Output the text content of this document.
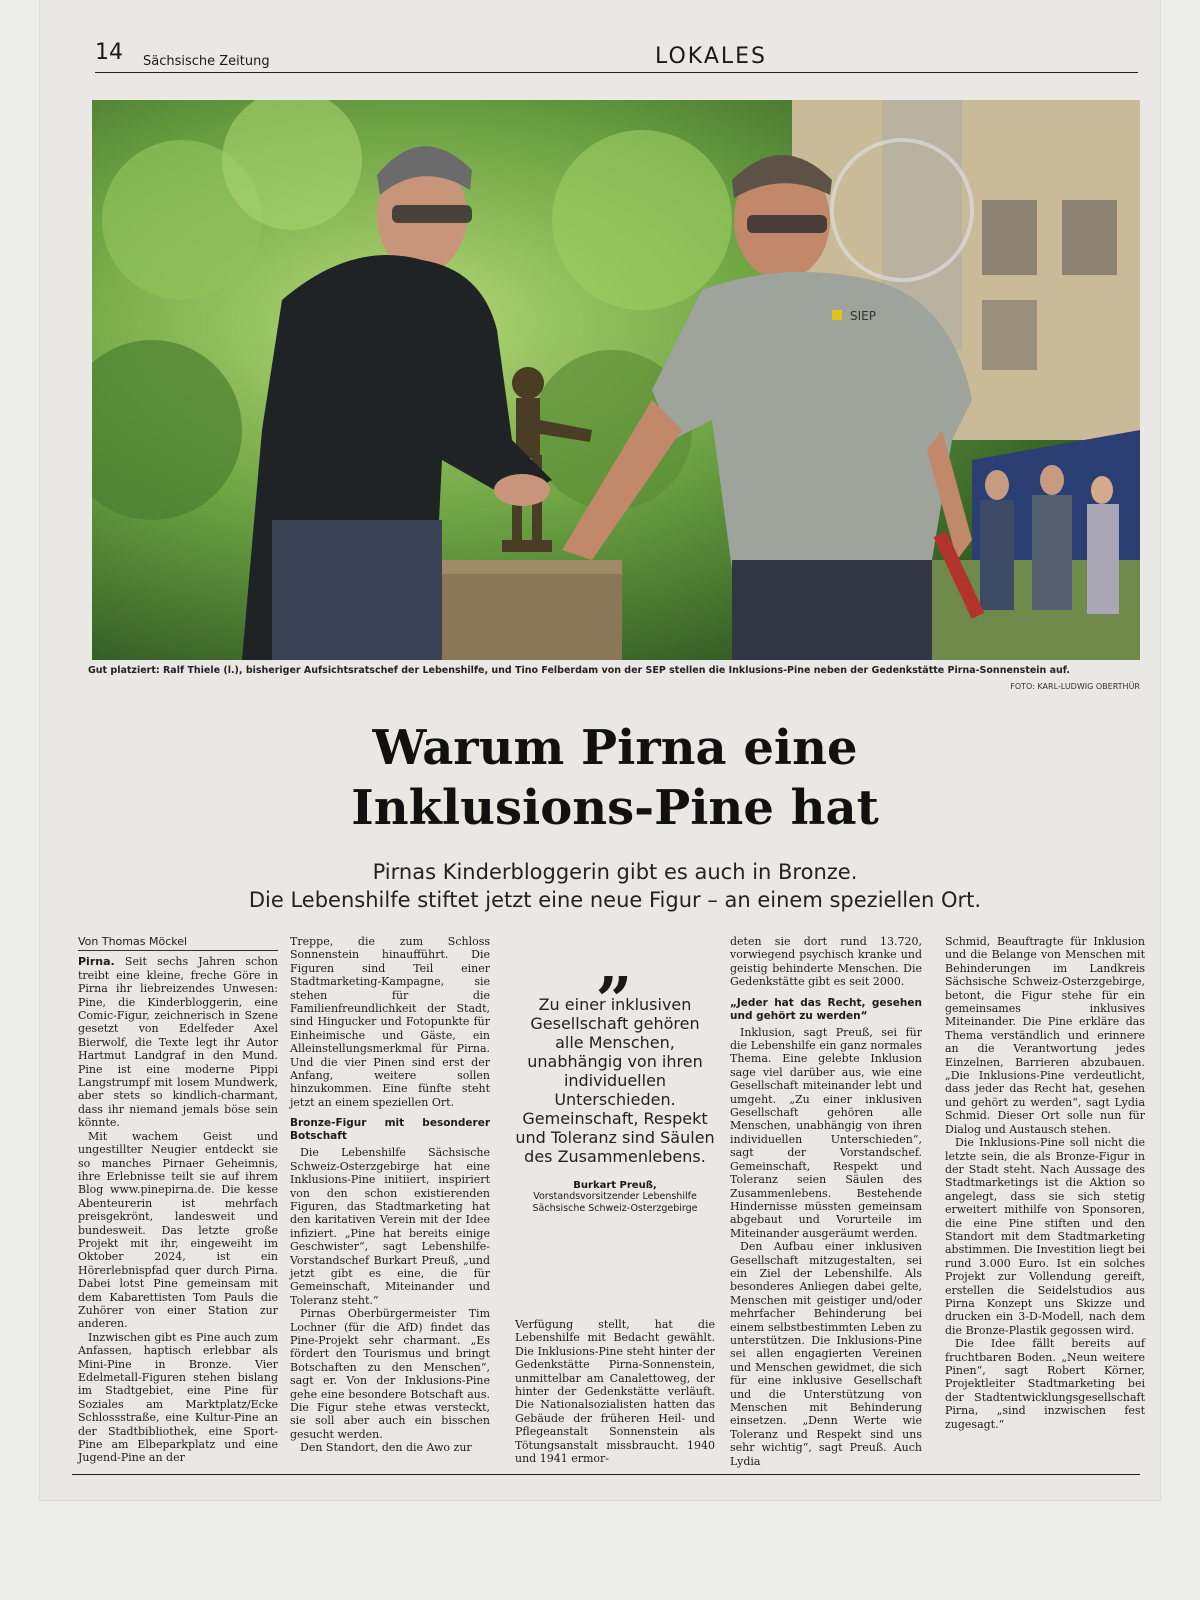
14 Sächsische Zeitung	LOKALES
SIEP
Gut platziert: Ralf Thiele (l.), bisheriger Aufsichtsratschef der Lebenshilfe, und Tino Felberdam von der SEP stellen die Inklusions-Pine neben der Gedenkstätte Pirna-Sonnenstein auf.
FOTO: KARL-LUDWIG OBERTHÜR
Warum Pirna eine
Inklusions-Pine hat
Pirnas Kinderbloggerin gibt es auch in Bronze.
Die Lebenshilfe stiftet jetzt eine neue Figur – an einem speziellen Ort.
Von Thomas Möckel

Pirna. Seit sechs Jahren schon treibt eine kleine, freche Göre in Pirna ihr liebreizendes Unwesen: Pine, die Kinderbloggerin, eine Comic-Figur, zeichnerisch in Szene gesetzt von Edelfeder Axel Bierwolf, die Texte legt ihr Autor Hartmut Landgraf in den Mund. Pine ist eine moderne Pippi Langstrumpf mit losem Mundwerk, aber stets so kindlich-charmant, dass ihr niemand jemals böse sein könnte.

Mit wachem Geist und ungestillter Neugier entdeckt sie so manches Pirnaer Geheimnis, ihre Erlebnisse teilt sie auf ihrem Blog www.pinepirna.de. Die kesse Abenteurerin ist mehrfach preisgekrönt, landesweit und bundesweit. Das letzte große Projekt mit ihr, eingeweiht im Oktober 2024, ist ein Hörerlebnispfad quer durch Pirna. Dabei lotst Pine gemeinsam mit dem Kabarettisten Tom Pauls die Zuhörer von einer Station zur anderen.

Inzwischen gibt es Pine auch zum Anfassen, haptisch erlebbar als Mini-Pine in Bronze. Vier Edelmetall-Figuren stehen bislang im Stadtgebiet, eine Pine für Soziales am Marktplatz/Ecke Schlossstraße, eine Kultur-Pine an der Stadtbibliothek, eine Sport-Pine am Elbeparkplatz und eine Jugend-Pine an der

Treppe, die zum Schloss Sonnenstein hinaufführt. Die Figuren sind Teil einer Stadtmarketing-Kampagne, sie stehen für die Familienfreundlichkeit der Stadt, sind Hingucker und Fotopunkte für Einheimische und Gäste, ein Alleinstellungsmerkmal für Pirna. Und die vier Pinen sind erst der Anfang, weitere sollen hinzukommen. Eine fünfte steht jetzt an einem speziellen Ort.

Bronze-Figur mit besonderer Botschaft

Die Lebenshilfe Sächsische Schweiz-Osterzgebirge hat eine Inklusions-Pine initiiert, inspiriert von den schon existierenden Figuren, das Stadtmarketing hat den karitativen Verein mit der Idee infiziert. „Pine hat bereits einige Geschwister“, sagt Lebenshilfe-Vorstandschef Burkart Preuß, „und jetzt gibt es eine, die für Gemeinschaft, Miteinander und Toleranz steht.“

Pirnas Oberbürgermeister Tim Lochner (für die AfD) findet das Pine-Projekt sehr charmant. „Es fördert den Tourismus und bringt Botschaften zu den Menschen“, sagt er. Von der Inklusions-Pine gehe eine besondere Botschaft aus. Die Figur stehe etwas versteckt, sie soll aber auch ein bisschen gesucht werden.

Den Standort, den die Awo zur

„
Zu einer inklusiven Gesellschaft gehören alle Menschen, unabhängig von ihren individuellen Unterschieden. Gemeinschaft, Respekt und Toleranz sind Säulen des Zusammenlebens.
Burkart Preuß,
Vorstandsvorsitzender Lebenshilfe Sächsische Schweiz-Osterzgebirge

Verfügung stellt, hat die Lebenshilfe mit Bedacht gewählt. Die Inklusions-Pine steht hinter der Gedenkstätte Pirna-Sonnenstein, unmittelbar am Canalettoweg, der hinter der Gedenkstätte verläuft. Die Nationalsozialisten hatten das Gebäude der früheren Heil- und Pflegeanstalt Sonnenstein als Tötungsanstalt missbraucht. 1940 und 1941 ermor-

deten sie dort rund 13.720, vorwiegend psychisch kranke und geistig behinderte Menschen. Die Gedenkstätte gibt es seit 2000.

„Jeder hat das Recht, gesehen und gehört zu werden“

Inklusion, sagt Preuß, sei für die Lebenshilfe ein ganz normales Thema. Eine gelebte Inklusion sage viel darüber aus, wie eine Gesellschaft miteinander lebt und umgeht. „Zu einer inklusiven Gesellschaft gehören alle Menschen, unabhängig von ihren individuellen Unterschieden“, sagt der Vorstandschef. Gemeinschaft, Respekt und Toleranz seien Säulen des Zusammenlebens. Bestehende Hindernisse müssten gemeinsam abgebaut und Vorurteile im Miteinander ausgeräumt werden.

Den Aufbau einer inklusiven Gesellschaft mitzugestalten, sei ein Ziel der Lebenshilfe. Als besonderes Anliegen dabei gelte, Menschen mit geistiger und/oder mehrfacher Behinderung bei einem selbstbestimmten Leben zu unterstützen. Die Inklusions-Pine sei allen engagierten Vereinen und Menschen gewidmet, die sich für eine inklusive Gesellschaft und die Unterstützung von Menschen mit Behinderung einsetzen. „Denn Werte wie Toleranz und Respekt sind uns sehr wichtig“, sagt Preuß. Auch Lydia

Schmid, Beauftragte für Inklusion und die Belange von Menschen mit Behinderungen im Landkreis Sächsische Schweiz-Osterzgebirge, betont, die Figur stehe für ein gemeinsames inklusives Miteinander. Die Pine erkläre das Thema verständlich und erinnere an die Verantwortung jedes Einzelnen, Barrieren abzubauen. „Die Inklusions-Pine verdeutlicht, dass jeder das Recht hat, gesehen und gehört zu werden“, sagt Lydia Schmid. Dieser Ort solle nun für Dialog und Austausch stehen.

Die Inklusions-Pine soll nicht die letzte sein, die als Bronze-Figur in der Stadt steht. Nach Aussage des Stadtmarketings ist die Aktion so angelegt, dass sie sich stetig erweitert mithilfe von Sponsoren, die eine Pine stiften und den Standort mit dem Stadtmarketing abstimmen. Die Investition liegt bei rund 3.000 Euro. Ist ein solches Projekt zur Vollendung gereift, erstellen die Seidelstudios aus Pirna Konzept uns Skizze und drucken ein 3-D-Modell, nach dem die Bronze-Plastik gegossen wird.

Die Idee fällt bereits auf fruchtbaren Boden. „Neun weitere Pinen“, sagt Robert Körner, Projektleiter Stadtmarketing bei der Stadtentwicklungsgesellschaft Pirna, „sind inzwischen fest zugesagt.“
